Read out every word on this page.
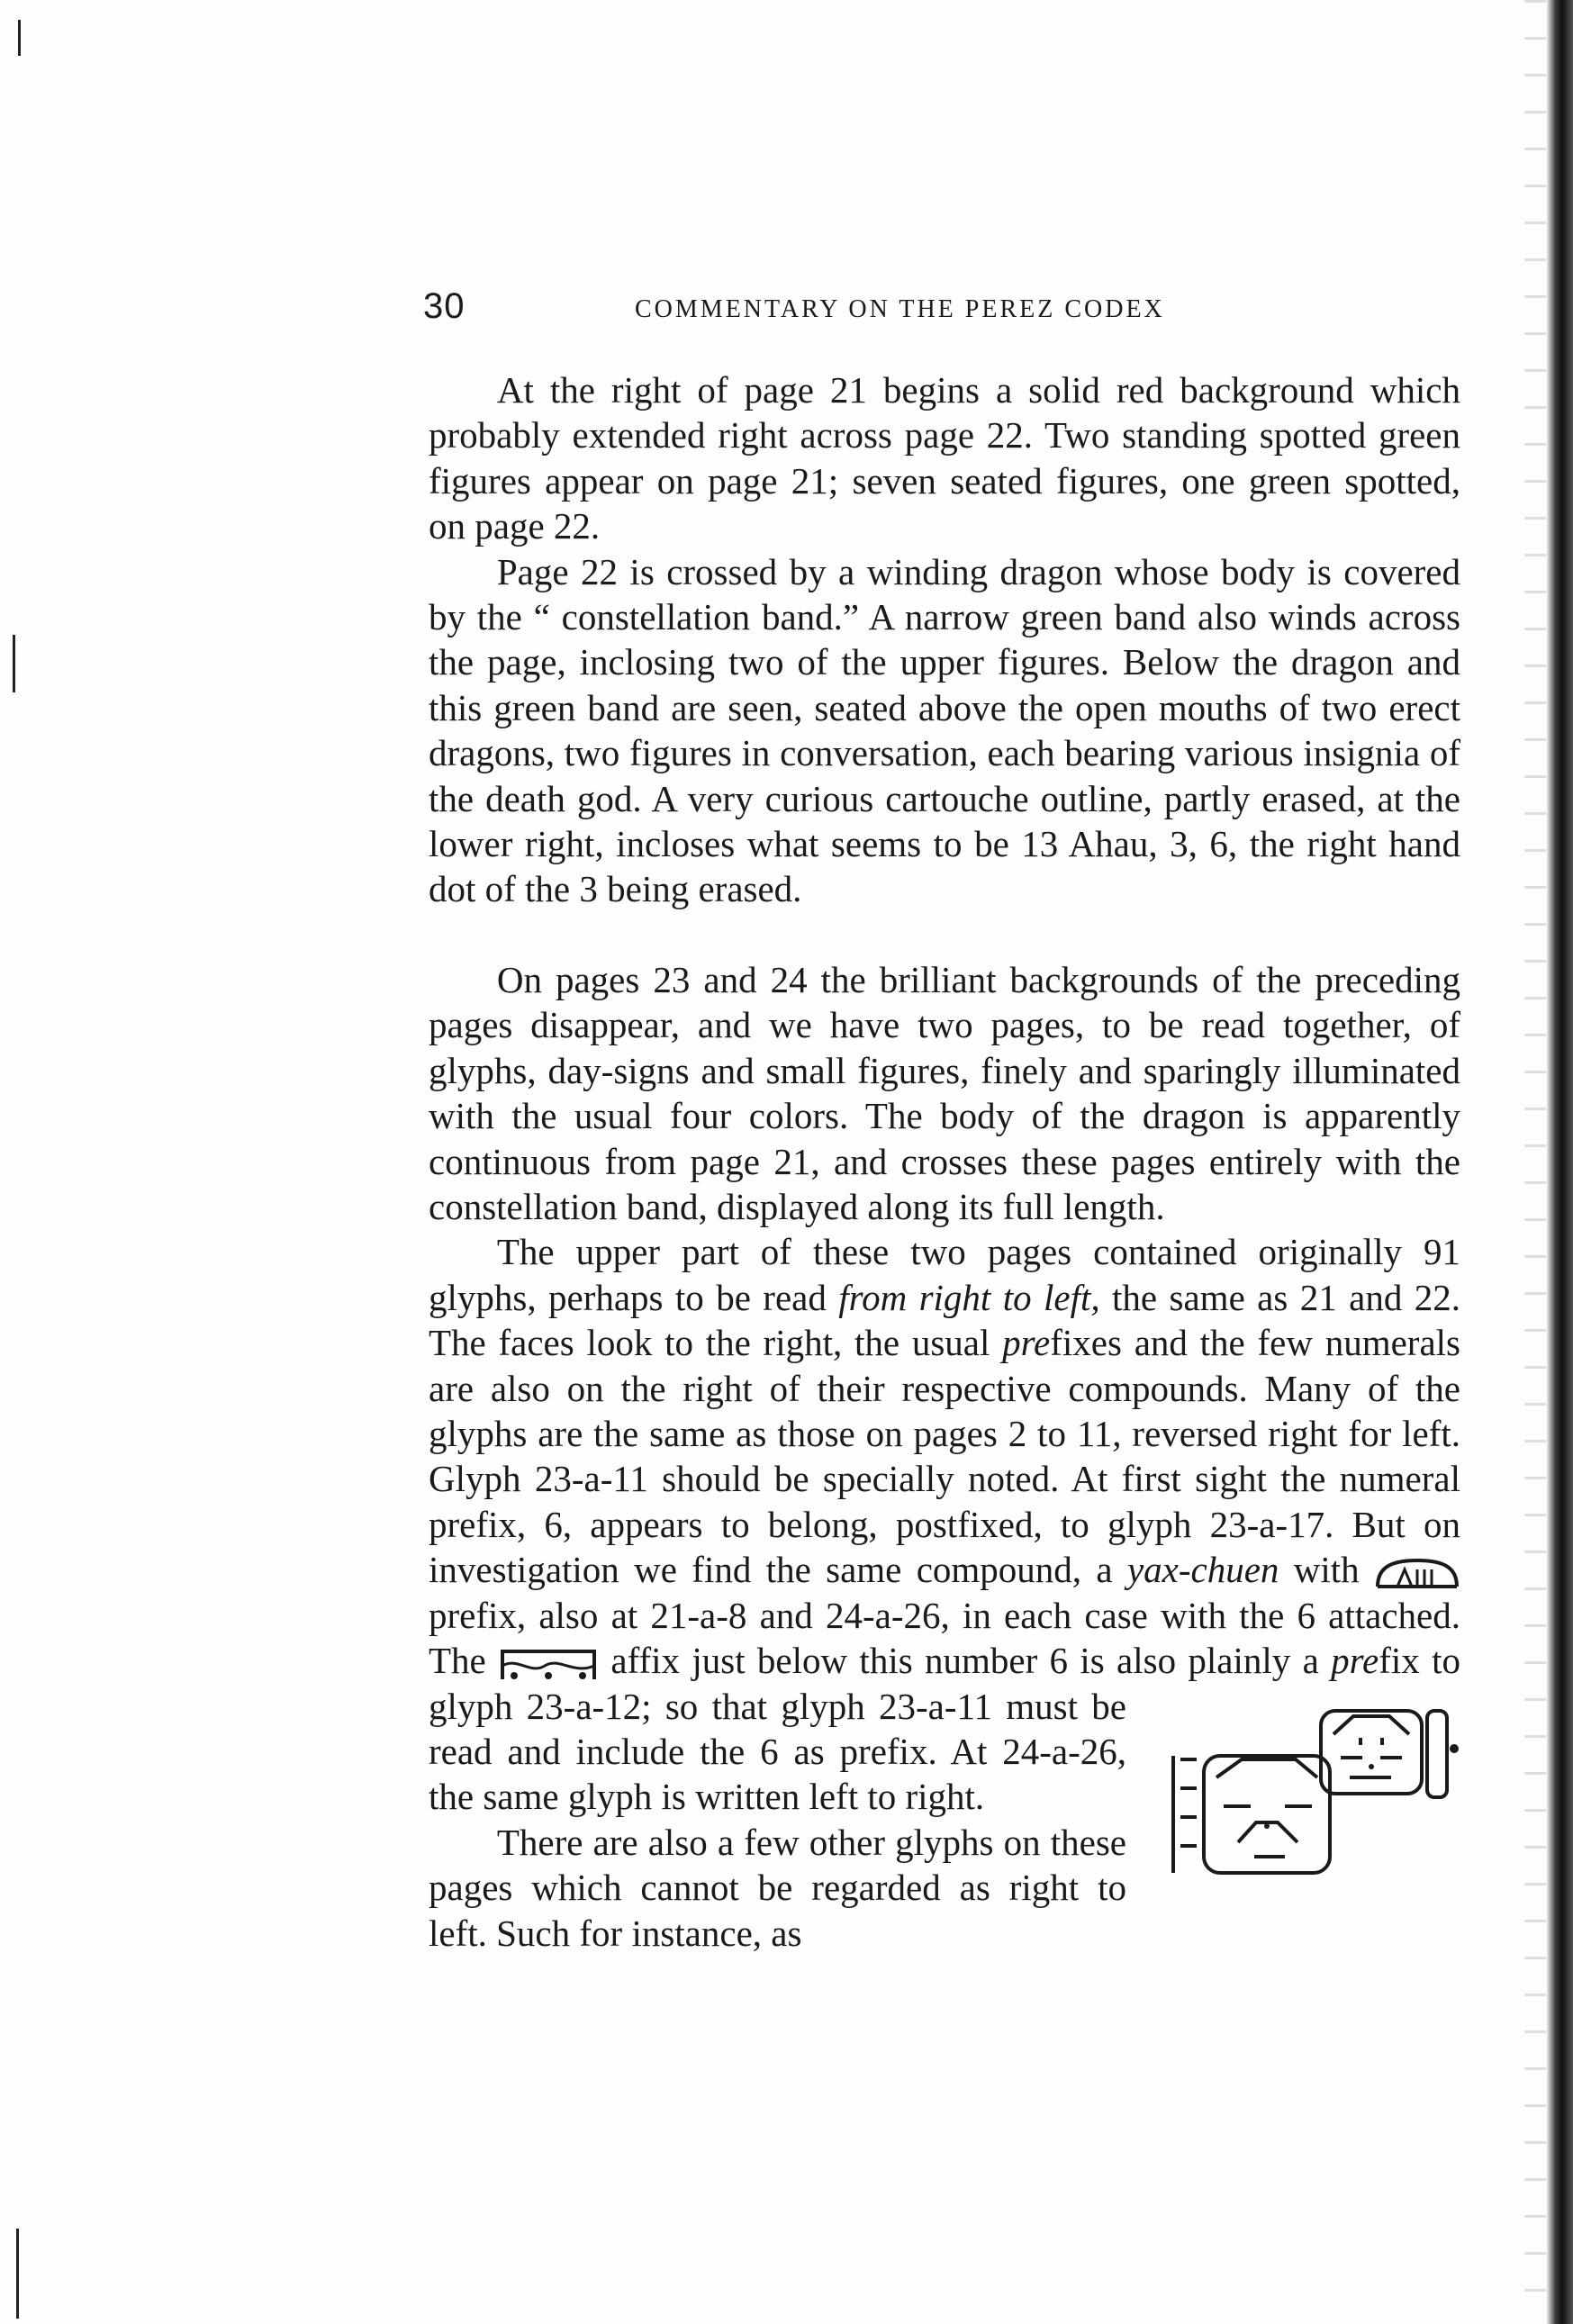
30	COMMENTARY ON THE PEREZ CODEX

At the right of page 21 begins a solid red background which probably extended right across page 22. Two standing spotted green figures appear on page 21; seven seated figures, one green spotted, on page 22.

Page 22 is crossed by a winding dragon whose body is covered by the “ constellation band.” A narrow green band also winds across the page, inclosing two of the upper figures. Below the dragon and this green band are seen, seated above the open mouths of two erect dragons, two figures in conversation, each bearing various insignia of the death god. A very curious cartouche outline, partly erased, at the lower right, incloses what seems to be 13 Ahau, 3, 6, the right hand dot of the 3 being erased.

On pages 23 and 24 the brilliant backgrounds of the preceding pages disappear, and we have two pages, to be read together, of glyphs, day-signs and small figures, finely and sparingly illuminated with the usual four colors. The body of the dragon is apparently continuous from page 21, and crosses these pages entirely with the constellation band, displayed along its full length.

The upper part of these two pages contained originally 91 glyphs, perhaps to be read from right to left, the same as 21 and 22. The faces look to the right, the usual prefixes and the few numerals are also on the right of their respective compounds. Many of the glyphs are the same as those on pages 2 to 11, reversed right for left. Glyph 23-a-11 should be specially noted. At first sight the numeral prefix, 6, appears to belong, postfixed, to glyph 23-a-17. But on investigation we find the same compound, a yax-chuen with
prefix, also at 21-a-8 and 24-a-26, in each case with the 6 attached. The	affix just below this number 6 is also plainly a pre
fix to glyph 23-a-12; so that glyph 23-a-11 must be read and include the 6 as prefix. At 24-a-26, the same glyph is written left to right.

There are also a few other glyphs on these pages which cannot be regarded as right to left. Such for instance, as
